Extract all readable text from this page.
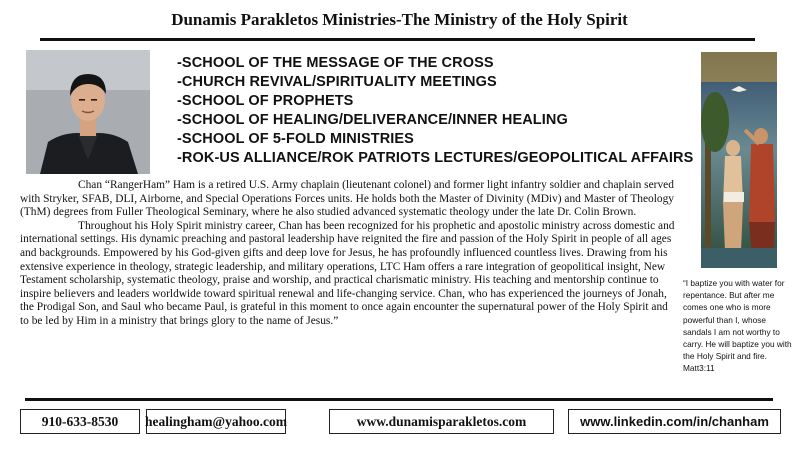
Dunamis Parakletos Ministries-The Ministry of the Holy Spirit
-SCHOOL OF THE MESSAGE OF THE CROSS
-CHURCH REVIVAL/SPIRITUALITY MEETINGS
-SCHOOL OF PROPHETS
-SCHOOL OF HEALING/DELIVERANCE/INNER HEALING
-SCHOOL OF 5-FOLD MINISTRIES
-ROK-US ALLIANCE/ROK PATRIOTS LECTURES/GEOPOLITICAL AFFAIRS
“I baptize you with water for repentance. But after me comes one who is more powerful than I, whose sandals I am not worthy to carry. He will baptize you with the Holy Spirit and fire. Matt3:11

Chan “RangerHam” Ham is a retired U.S. Army chaplain (lieutenant colonel) and former light infantry soldier and chaplain served with Stryker, SFAB, DLI, Airborne, and Special Operations Forces units. He holds both the Master of Divinity (MDiv) and Master of Theology (ThM) degrees from Fuller Theological Seminary, where he also studied advanced systematic theology under the late Dr. Colin Brown.

Throughout his Holy Spirit ministry career, Chan has been recognized for his prophetic and apostolic ministry across domestic and international settings. His dynamic preaching and pastoral leadership have reignited the fire and passion of the Holy Spirit in people of all ages and backgrounds. Empowered by his God-given gifts and deep love for Jesus, he has profoundly influenced countless lives. Drawing from his extensive experience in theology, strategic leadership, and military operations, LTC Ham offers a rare integration of geopolitical insight, New Testament scholarship, systematic theology, praise and worship, and practical charismatic ministry. His teaching and mentorship continue to inspire believers and leaders worldwide toward spiritual renewal and life-changing service. Chan, who has experienced the journeys of Jonah, the Prodigal Son, and Saul who became Paul, is grateful in this moment to once again encounter the supernatural power of the Holy Spirit and to be led by Him in a ministry that brings glory to the name of Jesus.”

910-633-8530	healingham@yahoo.com	www.dunamisparakletos.com	www.linkedin.com/in/chanham
